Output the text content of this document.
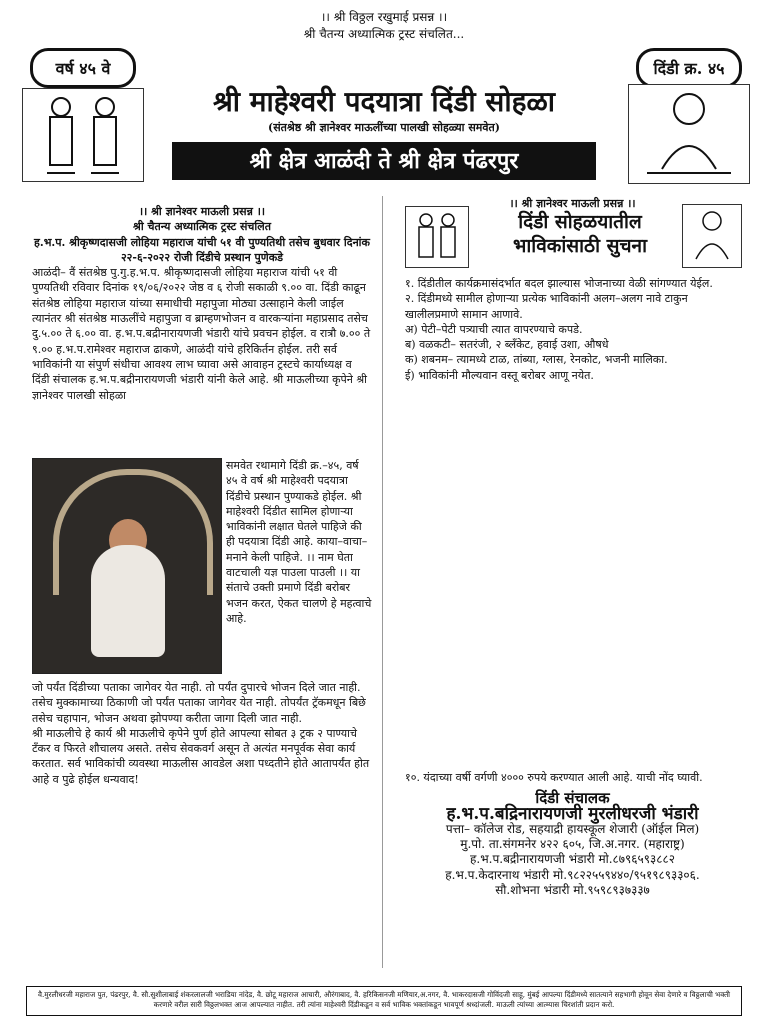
।। श्री विठ्ठल रखुमाई प्रसन्न ।।
श्री चैतन्य अध्यात्मिक ट्रस्ट संचलित...
वर्ष ४५ वे	दिंडी क्र. ४५
श्री माहेश्वरी पदयात्रा दिंडी सोहळा
(संतश्रेष्ठ श्री ज्ञानेश्वर माऊलींच्या पालखी सोहळ्या समवेत)
श्री क्षेत्र आळंदी ते श्री क्षेत्र पंढरपुर

।। श्री ज्ञानेश्वर माऊली प्रसन्न ।।

श्री चैतन्य अध्यात्मिक ट्रस्ट संचलित

ह.भ.प. श्रीकृष्णदासजी लोहिया महाराज यांची ५१ वी पुण्यतिथी तसेच बुधवार दिनांक २२-६-२०२२ रोजी दिंडीचे प्रस्थान पुणेकडे

आळंदी– वैं संतश्रेष्ठ पु.गु.ह.भ.प. श्रीकृष्णदासजी लोहिया महाराज यांची ५१ वी पुण्यतिथी रविवार दिनांक १९/०६/२०२२ जेष्ठ व ६ रोजी सकाळी ९.०० वा. दिंडी काढून संतश्रेष्ठ लोहिया महाराज यांच्या समाधीची महापुजा मोठ्या उत्साहाने केली जाईल त्यानंतर श्री संतश्रेष्ठ माऊलींचे महापुजा व ब्राम्हणभोजन व वारकऱ्यांना महाप्रसाद तसेच दु.५.०० ते ६.०० वा. ह.भ.प.बद्रीनारायणजी भंडारी यांचे प्रवचन होईल. व रात्रौ ७.०० ते ९.०० ह.भ.प.रामेश्वर महाराज ढाकणे, आळंदी यांचे हरिकिर्तन होईल. तरी सर्व भाविकांनी या संपुर्ण संधीचा आवश्य लाभ घ्यावा असे आवाहन ट्रस्टचे कार्याध्यक्ष व दिंडी संचालक ह.भ.प.बद्रीनारायणजी भंडारी यांनी केले आहे. श्री माऊलीच्या कृपेने श्री ज्ञानेश्वर पालखी सोहळा

समवेत रथामागे दिंडी क्र.–४५, वर्ष ४५ वे वर्ष श्री माहेश्वरी पदयात्रा दिंडीचे प्रस्थान पुण्याकडे होईल. श्री माहेश्वरी दिंडीत सामिल होणाऱ्या भाविकांनी लक्षात घेतले पाहिजे की ही पदयात्रा दिंडी आहे. काया–वाचा–मनाने केली पाहिजे. ।। नाम घेता वाटचाली यज्ञ पाउला पाउली ।। या संताचे उक्ती प्रमाणे दिंडी बरोबर भजन करत, ऐकत चालणे हे महत्वाचे आहे.

जो पर्यंत दिंडीच्या पताका जागेवर येत नाही. तो पर्यंत दुपारचे भोजन दिले जात नाही. तसेच मुक्कामाच्या ठिकाणी जो पर्यंत पताका जागेवर येत नाही. तोपर्यंत ट्रॅकमधून बिछे तसेच चहापान, भोजन अथवा झोपण्या करीता जागा दिली जात नाही.

श्री माऊलीचे हे कार्य श्री माऊलीचे कृपेने पुर्ण होते आपल्या सोबत ३ ट्रक २ पाण्याचे टॅंकर व फिरते शौचालय असते. तसेच सेवकवर्ग असून ते अत्यंत मनपूर्वक सेवा कार्य करतात. सर्व भाविकांची व्यवस्था माऊलीस आवडेल अशा पध्दतीने होते आतापर्यंत होत आहे व पुढे होईल धन्यवाद!

।। श्री ज्ञानेश्वर माऊली प्रसन्न ।।

दिंडी सोहळयातील
भाविकांसाठी सुचना

१. दिंडीतील कार्यक्रमासंदर्भात बदल झाल्यास भोजनाच्या वेळी सांगण्यात येईल.

२. दिंडीमध्ये सामील होणाऱ्या प्रत्येक भाविकांनी अलग–अलग नावे टाकुन खालीलप्रमाणे सामान आणावे.

अ) पेटी–पेटी पत्र्याची त्यात वापरण्याचे कपडे.

ब) वळकटी– सतरंजी, २ ब्लॅंकेट, हवाई उशा, औषधे

क) शबनम– त्यामध्ये टाळ, तांब्या, ग्लास, रेनकोट, भजनी मालिका.

ई) भाविकांनी मौल्यवान वस्तू बरोबर आणू नयेत.

१०. यंदाच्या वर्षी वर्गणी ४००० रुपये करण्यात आली आहे. याची नोंद घ्यावी.

दिंडी संचालक

ह.भ.प.बद्रिनारायणजी मुरलीधरजी भंडारी

पत्ता– कॉलेज रोड, सहयाद्री हायस्कूल शेजारी (ऑईल मिल)

मु.पो. ता.संगमनेर ४२२ ६०५, जि.अ.नगर. (महाराष्ट्र)

ह.भ.प.बद्रीनारायणजी भंडारी मो.८७९६५९३८८२

ह.भ.प.केदारनाथ भंडारी मो.९८२२५५९४४०/९५१९८९३३०६.

सौ.शोभना भंडारी मो.९५९८९३७३३७

वै.मुरलीधरजी महाराज पुत, पंढरपुर, वै. सौ.सुशीलाबाई शंकरलालजी भराडिया नांदेड, वै. छोटू महाराज आचारी, औरंगाबाद, वै. हरिकिसनजी मणियार,अ.नगर, वै. भाकरदासजी गोविंदजी साहू, मुंबई आपल्या दिंडीमध्ये सातत्याने सहभागी होवून सेवा देणारे व विठ्ठलाची भक्ती करणारे वरील सारी विठ्ठलभक्त आज आपल्यात नाहीत. तरी त्यांना माहेश्वरी दिंडीकडून व सर्व भाविक भक्तांकडून भावपूर्ण श्रध्दांजली. माऊली त्यांच्या आत्म्यास चिरशांती प्रदान करो.
